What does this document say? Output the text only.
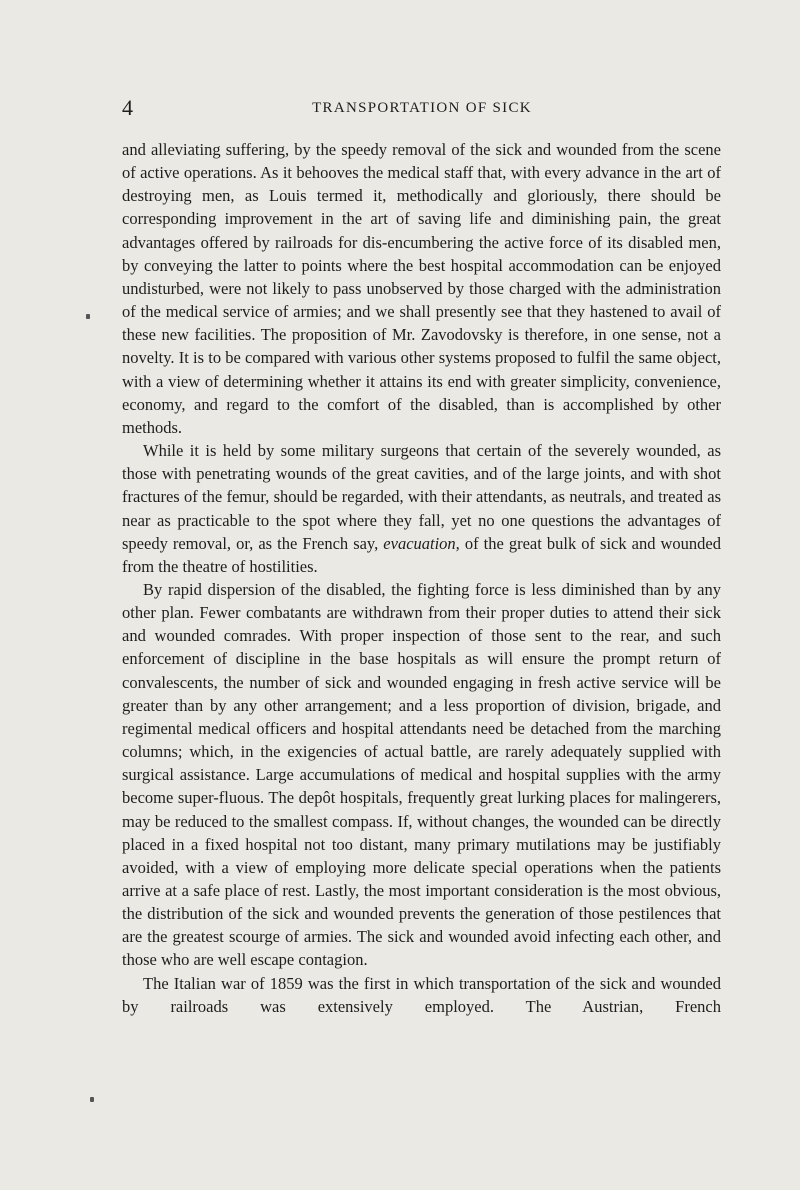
4	TRANSPORTATION OF SICK

and alleviating suffering, by the speedy removal of the sick and wounded from the scene of active operations. As it behooves the medical staff that, with every advance in the art of destroying men, as Louis termed it, methodically and gloriously, there should be corresponding improvement in the art of saving life and diminishing pain, the great advantages offered by railroads for dis-encumbering the active force of its disabled men, by conveying the latter to points where the best hospital accommodation can be enjoyed undisturbed, were not likely to pass unobserved by those charged with the administration of the medical service of armies; and we shall presently see that they hastened to avail of these new facilities. The proposition of Mr. Zavodovsky is therefore, in one sense, not a novelty. It is to be compared with various other systems proposed to fulfil the same object, with a view of determining whether it attains its end with greater simplicity, convenience, economy, and regard to the comfort of the disabled, than is accomplished by other methods.

While it is held by some military surgeons that certain of the severely wounded, as those with penetrating wounds of the great cavities, and of the large joints, and with shot fractures of the femur, should be regarded, with their attendants, as neutrals, and treated as near as practicable to the spot where they fall, yet no one questions the advantages of speedy removal, or, as the French say, evacuation, of the great bulk of sick and wounded from the theatre of hostilities.

By rapid dispersion of the disabled, the fighting force is less diminished than by any other plan. Fewer combatants are withdrawn from their proper duties to attend their sick and wounded comrades. With proper inspection of those sent to the rear, and such enforcement of discipline in the base hospitals as will ensure the prompt return of convalescents, the number of sick and wounded engaging in fresh active service will be greater than by any other arrangement; and a less proportion of division, brigade, and regimental medical officers and hospital attendants need be detached from the marching columns; which, in the exigencies of actual battle, are rarely adequately supplied with surgical assistance. Large accumulations of medical and hospital supplies with the army become super-fluous. The depôt hospitals, frequently great lurking places for malingerers, may be reduced to the smallest compass. If, without changes, the wounded can be directly placed in a fixed hospital not too distant, many primary mutilations may be justifiably avoided, with a view of employing more delicate special operations when the patients arrive at a safe place of rest. Lastly, the most important consideration is the most obvious, the distribution of the sick and wounded prevents the generation of those pestilences that are the greatest scourge of armies. The sick and wounded avoid infecting each other, and those who are well escape contagion.

The Italian war of 1859 was the first in which transportation of the sick and wounded by railroads was extensively employed. The Austrian, French
